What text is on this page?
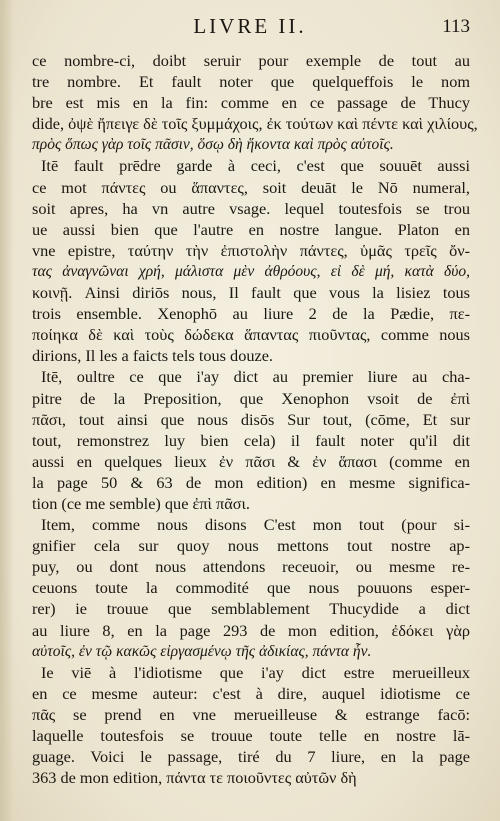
LIVRE II.	113
ce nombre-ci, doibt seruir pour exemple de tout au
tre nombre. Et fault noter que quelqueffois le nom
bre est mis en la fin: comme en ce passage de Thucy
dide, ὀψὲ ἤπειγε δὲ τοῖς ξυμμάχοις, ἐκ τούτων καὶ πέντε καὶ χιλίους,
πρὸς ὅπως γὰρ τοῖς πᾶσιν, ὅσῳ δὴ ἥκοντα καὶ πρὸς αὐτοῖς.
Itē fault prēdre garde à ceci, c'est que souuēt aussi
ce mot πάντες ou ἅπαντες, soit deuāt le Nō numeral,
soit apres, ha vn autre vsage. lequel toutesfois se trou
ue aussi bien que l'autre en nostre langue. Platon en
vne epistre, ταύτην τὴν ἐπιστολὴν πάντες, ὑμᾶς τρεῖς ὄν-
τας ἀναγνῶναι χρή, μάλιστα μὲν ἀθρόους, εἰ δὲ μή, κατὰ δύο,
κοινῇ. Ainsi diriōs nous, Il fault que vous la lisiez tous
trois ensemble. Xenophō au liure 2 de la Pædie, πε-
ποίηκα δὲ καὶ τοὺς δώδεκα ἅπαντας πιοῦντας, comme nous
dirions, Il les a faicts tels tous douze.
Itē, oultre ce que i'ay dict au premier liure au cha-
pitre de la Preposition, que Xenophon vsoit de ἐπὶ
πᾶσι, tout ainsi que nous disōs Sur tout, (cōme, Et sur
tout, remonstrez luy bien cela) il fault noter qu'il dit
aussi en quelques lieux ἐν πᾶσι & ἐν ἅπασι (comme en
la page 50 & 63 de mon edition) en mesme significa-
tion (ce me semble) que ἐπὶ πᾶσι.
Item, comme nous disons C'est mon tout (pour si-
gnifier cela sur quoy nous mettons tout nostre ap-
puy, ou dont nous attendons receuoir, ou mesme re-
ceuons toute la commodité que nous pouuons esper-
rer) ie trouue que semblablement Thucydide a dict
au liure 8, en la page 293 de mon edition, ἐδόκει γὰρ
αὐτοῖς, ἐν τῷ κακῶς εἰργασμένῳ τῆς ἀδικίας, πάντα ἦν.
Ie viē à l'idiotisme que i'ay dict estre merueilleux
en ce mesme auteur: c'est à dire, auquel idiotisme ce
πᾶς se prend en vne merueilleuse & estrange facō:
laquelle toutesfois se trouue toute telle en nostre lā-
guage. Voici le passage, tiré du 7 liure, en la page
363 de mon edition, πάντα τε ποιοῦντες αὐτῶν δὴ
